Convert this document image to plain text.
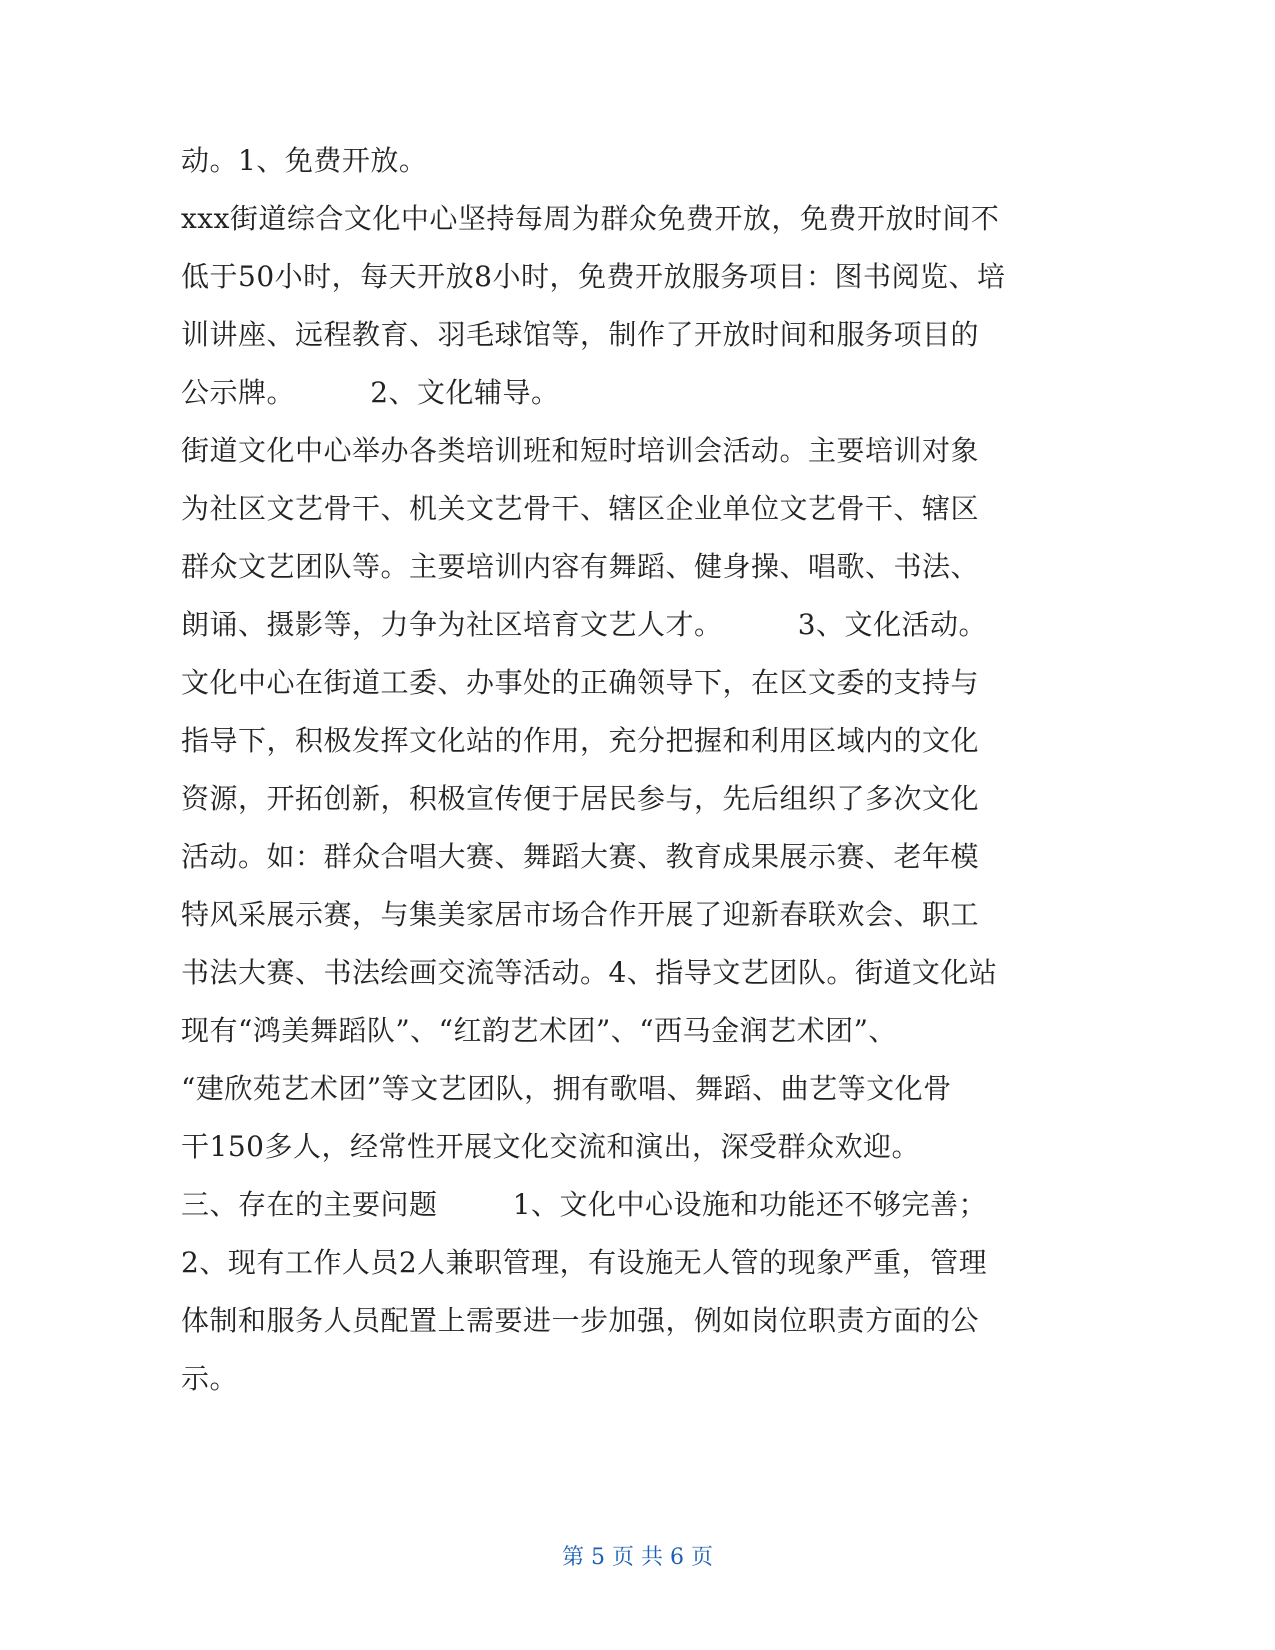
动。1、免费开放。
xxx街道综合文化中心坚持每周为群众免费开放，免费开放时间不
低于50小时，每天开放8小时，免费开放服务项目：图书阅览、培
训讲座、远程教育、羽毛球馆等，制作了开放时间和服务项目的
公示牌。        2、文化辅导。
街道文化中心举办各类培训班和短时培训会活动。主要培训对象
为社区文艺骨干、机关文艺骨干、辖区企业单位文艺骨干、辖区
群众文艺团队等。主要培训内容有舞蹈、健身操、唱歌、书法、
朗诵、摄影等，力争为社区培育文艺人才。        3、文化活动。
文化中心在街道工委、办事处的正确领导下，在区文委的支持与
指导下，积极发挥文化站的作用，充分把握和利用区域内的文化
资源，开拓创新，积极宣传便于居民参与，先后组织了多次文化
活动。如：群众合唱大赛、舞蹈大赛、教育成果展示赛、老年模
特风采展示赛，与集美家居市场合作开展了迎新春联欢会、职工
书法大赛、书法绘画交流等活动。4、指导文艺团队。街道文化站
现有“鸿美舞蹈队”、“红韵艺术团”、“西马金润艺术团”、
“建欣苑艺术团”等文艺团队，拥有歌唱、舞蹈、曲艺等文化骨
干150多人，经常性开展文化交流和演出，深受群众欢迎。
三、存在的主要问题        1、文化中心设施和功能还不够完善；
2、现有工作人员2人兼职管理，有设施无人管的现象严重，管理
体制和服务人员配置上需要进一步加强，例如岗位职责方面的公
示。
第 5 页 共 6 页
